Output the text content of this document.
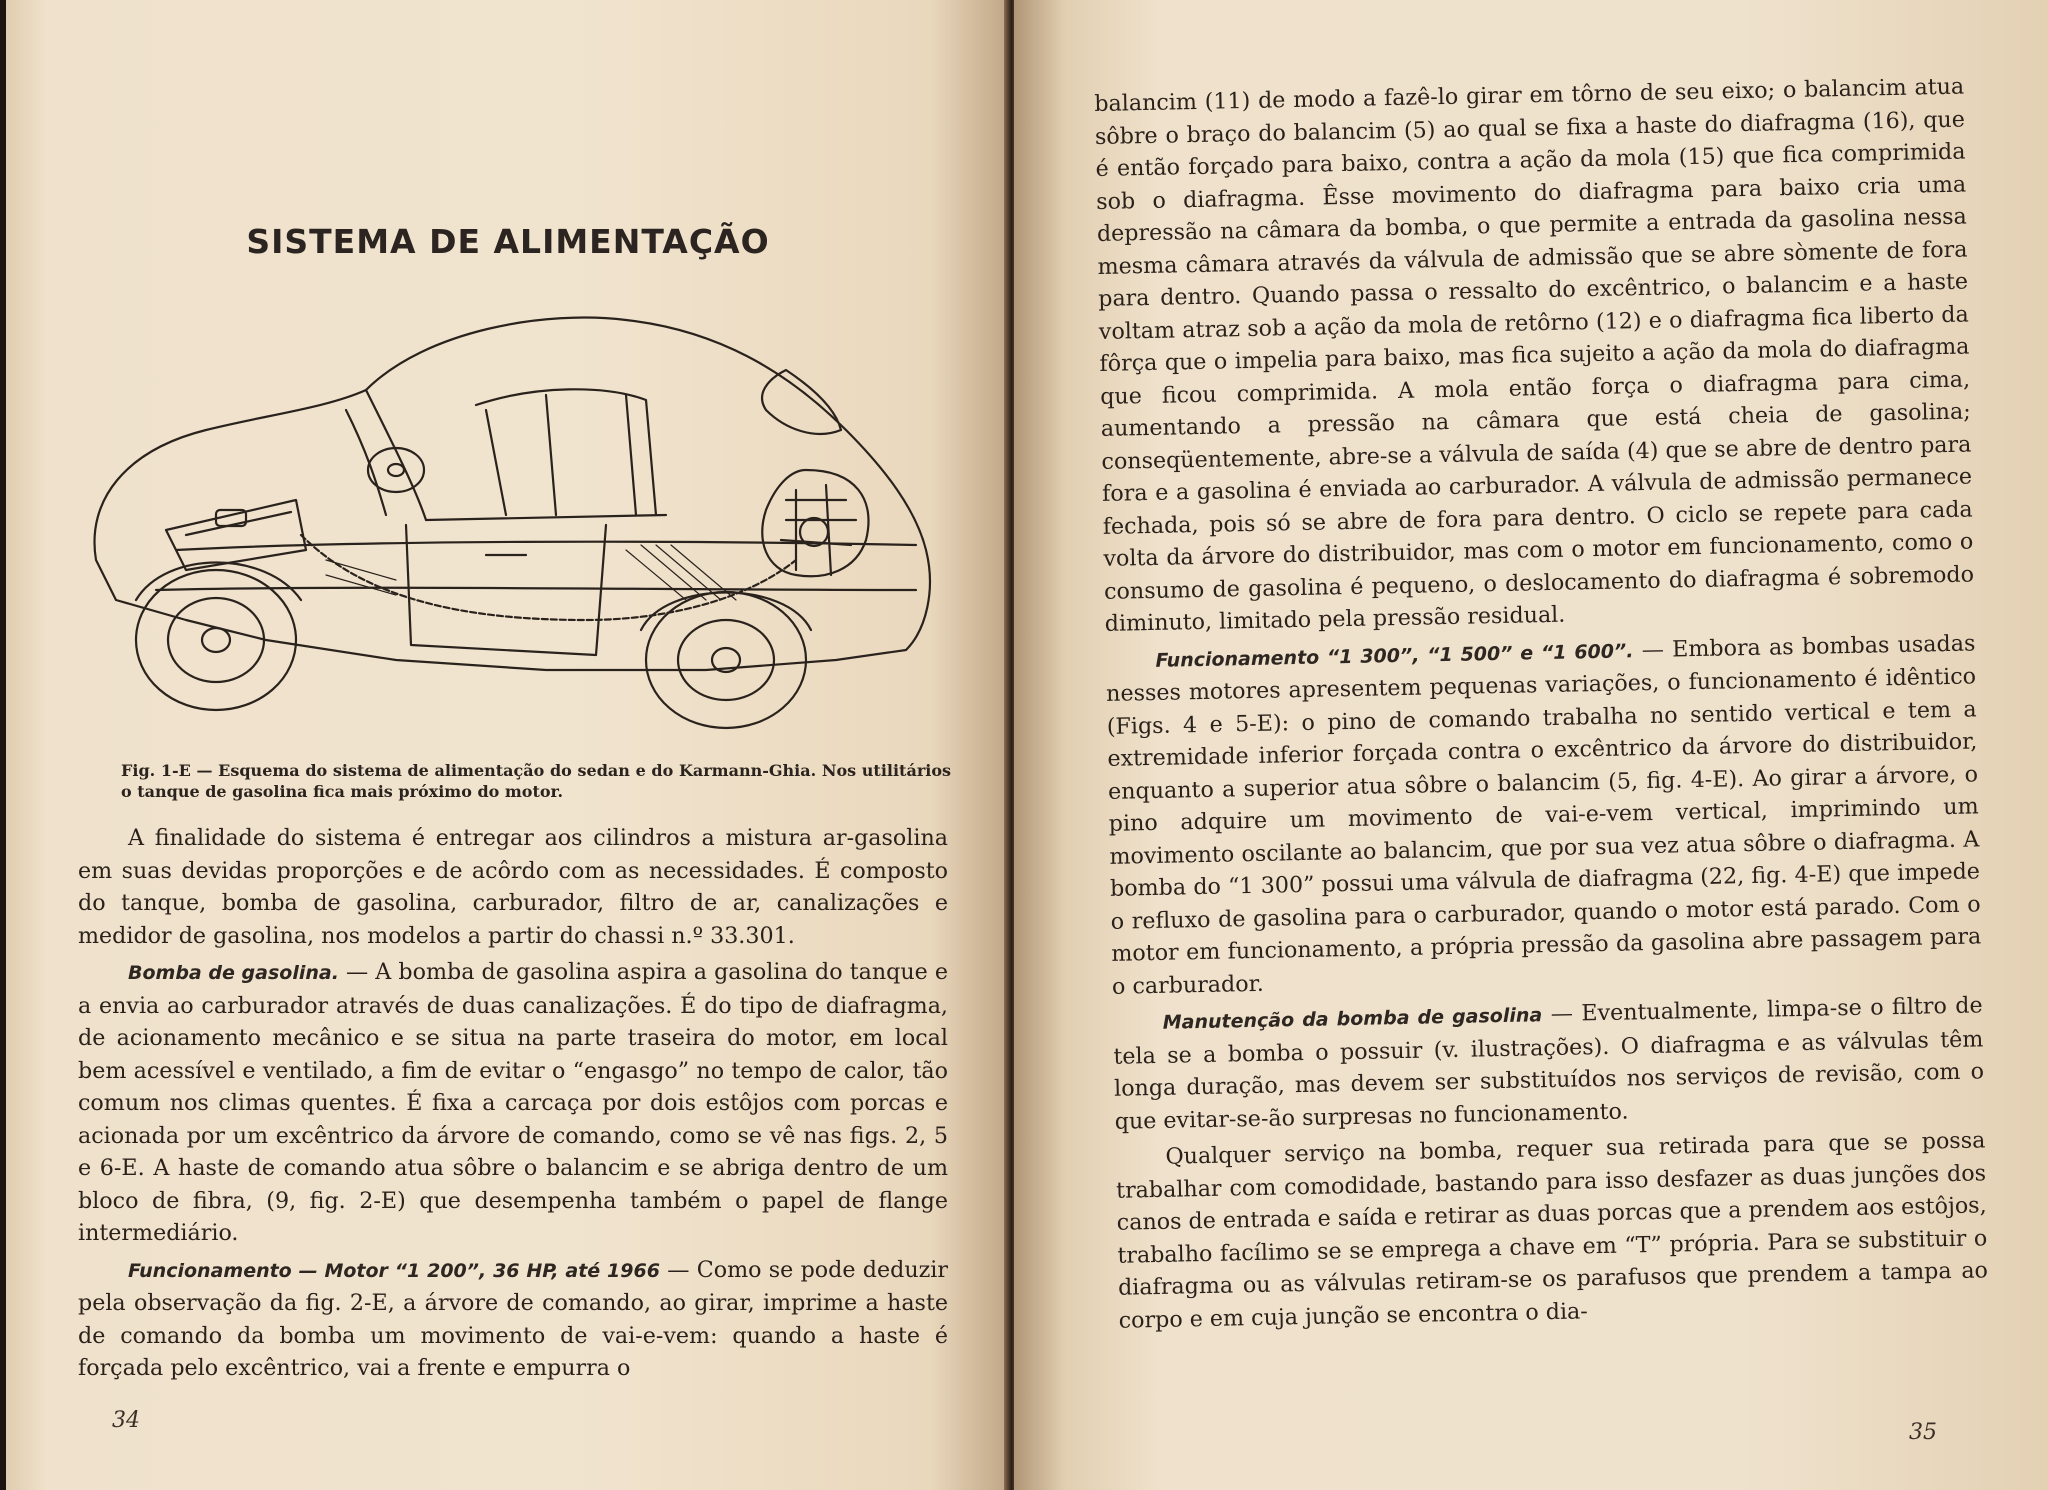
SISTEMA DE ALIMENTAÇÃO
Fig. 1-E — Esquema do sistema de alimentação do sedan e do Karmann-Ghia. Nos utilitários o tanque de gasolina fica mais próximo do motor.

A finalidade do sistema é entregar aos cilindros a mistura ar-gasolina em suas devidas proporções e de acôrdo com as necessidades. É composto do tanque, bomba de gasolina, carburador, filtro de ar, canalizações e medidor de gasolina, nos modelos a partir do chassi n.º 33.301.

Bomba de gasolina. — A bomba de gasolina aspira a gasolina do tanque e a envia ao carburador através de duas canalizações. É do tipo de diafragma, de acionamento mecânico e se situa na parte traseira do motor, em local bem acessível e ventilado, a fim de evitar o “engasgo” no tempo de calor, tão comum nos climas quentes. É fixa a carcaça por dois estôjos com porcas e acionada por um excêntrico da árvore de comando, como se vê nas figs. 2, 5 e 6-E. A haste de comando atua sôbre o balancim e se abriga dentro de um bloco de fibra, (9, fig. 2-E) que desempenha também o papel de flange intermediário.

Funcionamento — Motor “1 200”, 36 HP, até 1966 — Como se pode deduzir pela observação da fig. 2-E, a árvore de comando, ao girar, imprime a haste de comando da bomba um movimento de vai-e-vem: quando a haste é forçada pelo excêntrico, vai a frente e empurra o

34

balancim (11) de modo a fazê-lo girar em tôrno de seu eixo; o balancim atua sôbre o braço do balancim (5) ao qual se fixa a haste do diafragma (16), que é então forçado para baixo, contra a ação da mola (15) que fica comprimida sob o diafragma. Êsse movimento do diafragma para baixo cria uma depressão na câmara da bomba, o que permite a entrada da gasolina nessa mesma câmara através da válvula de admissão que se abre sòmente de fora para dentro. Quando passa o ressalto do excêntrico, o balancim e a haste voltam atraz sob a ação da mola de retôrno (12) e o diafragma fica liberto da fôrça que o impelia para baixo, mas fica sujeito a ação da mola do diafragma que ficou comprimida. A mola então força o diafragma para cima, aumentando a pressão na câmara que está cheia de gasolina; conseqüentemente, abre-se a válvula de saída (4) que se abre de dentro para fora e a gasolina é enviada ao carburador. A válvula de admissão permanece fechada, pois só se abre de fora para dentro. O ciclo se repete para cada volta da árvore do distribuidor, mas com o motor em funcionamento, como o consumo de gasolina é pequeno, o deslocamento do diafragma é sobremodo diminuto, limitado pela pressão residual.

Funcionamento “1 300”, “1 500” e “1 600”. — Embora as bombas usadas nesses motores apresentem pequenas variações, o funcionamento é idêntico (Figs. 4 e 5-E): o pino de comando trabalha no sentido vertical e tem a extremidade inferior forçada contra o excêntrico da árvore do distribuidor, enquanto a superior atua sôbre o balancim (5, fig. 4-E). Ao girar a árvore, o pino adquire um movimento de vai-e-vem vertical, imprimindo um movimento oscilante ao balancim, que por sua vez atua sôbre o diafragma. A bomba do “1 300” possui uma válvula de diafragma (22, fig. 4-E) que impede o refluxo de gasolina para o carburador, quando o motor está parado. Com o motor em funcionamento, a própria pressão da gasolina abre passagem para o carburador.

Manutenção da bomba de gasolina — Eventualmente, limpa-se o filtro de tela se a bomba o possuir (v. ilustrações). O diafragma e as válvulas têm longa duração, mas devem ser substituídos nos serviços de revisão, com o que evitar-se-ão surpresas no funcionamento.

Qualquer serviço na bomba, requer sua retirada para que se possa trabalhar com comodidade, bastando para isso desfazer as duas junções dos canos de entrada e saída e retirar as duas porcas que a prendem aos estôjos, trabalho facílimo se se emprega a chave em “T” própria. Para se substituir o diafragma ou as válvulas retiram-se os parafusos que prendem a tampa ao corpo e em cuja junção se encontra o dia-

35
